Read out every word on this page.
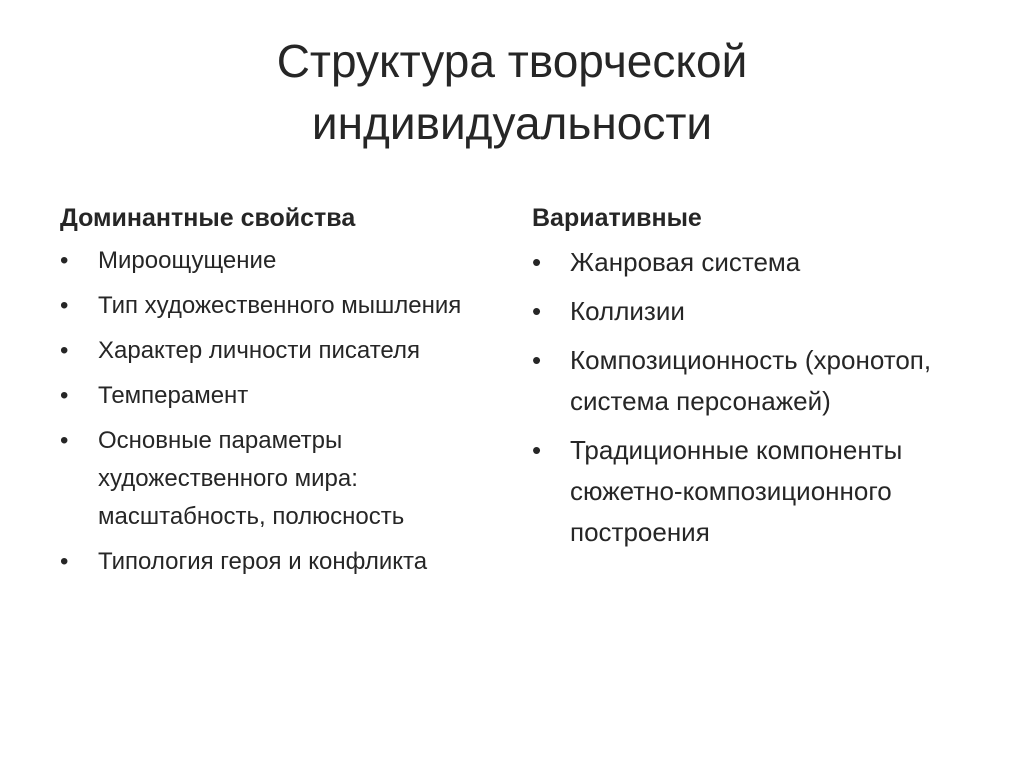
Структура творческой
индивидуальности
Доминантные свойства
• Мироощущение
• Тип художественного мышления
• Характер личности писателя
• Темперамент
• Основные параметры художественного мира: масштабность, полюсность
• Типология героя и конфликта
Вариативные
• Жанровая система
• Коллизии
• Композиционность (хронотоп, система персонажей)
• Традиционные компоненты сюжетно-композиционного построения
